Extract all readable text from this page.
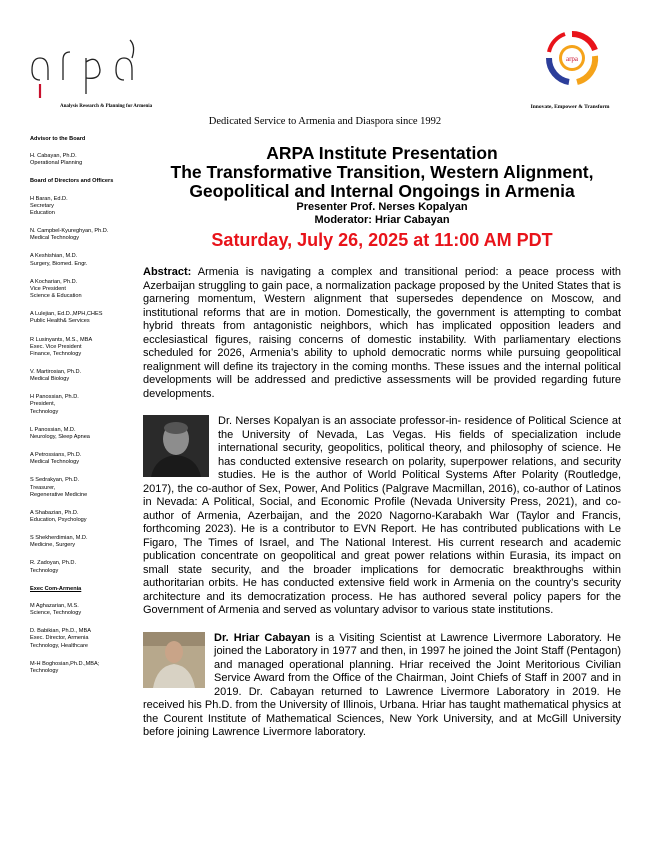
Analysis Research & Planning for Armenia
arpa
Innovate, Empower & Transform
Dedicated Service to Armenia and Diaspora since 1992
Advisor to the Board
H. Cabayan, Ph.D.
Operational Planning
Board of Directors and Officers
H Baran, Ed.D.
Secretary
Education
N. Campbel-Kyureghyan, Ph.D.
Medical Technology
A Keshishian, M.D.
Surgery, Biomed. Engr.
A Kocharian, Ph.D.
Vice President
Science & Education
A Lulejian, Ed.D.,MPH,CHES
Public Health& Services
R Lusinyants, M.S., MBA
Exec. Vice President
Finance, Technology
V. Martirosian, Ph.D.
Medical Biology
H Panossian, Ph.D.
President,
Technology
L Panossian, M.D.
Neurology, Sleep Apnea
A Petrossians, Ph.D.
Medical Technology
S Sedrakyan, Ph.D.
Treasurer,
Regenerative Medicine
A Shabazian, Ph.D.
Education, Psychology
S Shekherdimian, M.D.
Medicine, Surgery
R. Zadoyan, Ph.D.
Technology
Exec Com-Armenia
M Aghazarian, M.S.
Science, Technology
D. Babikian, Ph.D., MBA
Exec. Director, Armenia
Technology, Healthcare
M-H Boghosian,Ph.D.,MBA;
Technology
ARPA Institute Presentation
The Transformative Transition, Western Alignment,
Geopolitical and Internal Ongoings in Armenia
Presenter Prof. Nerses Kopalyan
Moderator: Hriar Cabayan
Saturday, July 26, 2025 at 11:00 AM PDT
Abstract: Armenia is navigating a complex and transitional period: a peace process with Azerbaijan struggling to gain pace, a normalization package proposed by the United States that is garnering momentum, Western alignment that supersedes dependence on Moscow, and institutional reforms that are in motion. Domestically, the government is attempting to combat hybrid threats from antagonistic neighbors, which has implicated opposition leaders and ecclesiastical figures, raising concerns of domestic instability. With parliamentary elections scheduled for 2026, Armenia’s ability to uphold democratic norms while pursuing geopolitical realignment will define its trajectory in the coming months. These issues and the internal political developments will be addressed and predictive assessments will be provided regarding future developments.
Dr. Nerses Kopalyan is an associate professor-in- residence of Political Science at the University of Nevada, Las Vegas. His fields of specialization include international security, geopolitics, political theory, and philosophy of science. He has conducted extensive research on polarity, superpower relations, and security studies. He is the author of World Political Systems After Polarity (Routledge, 2017), the co-author of Sex, Power, And Politics (Palgrave Macmillan, 2016), co-author of Latinos in Nevada: A Political, Social, and Economic Profile (Nevada University Press, 2021), and co-author of Armenia, Azerbaijan, and the 2020 Nagorno-Karabakh War (Taylor and Francis, forthcoming 2023). He is a contributor to EVN Report. He has contributed publications with Le Figaro, The Times of Israel, and The National Interest. His current research and academic publication concentrate on geopolitical and great power relations within Eurasia, its impact on small state security, and the broader implications for democratic breakthroughs within authoritarian orbits. He has conducted extensive field work in Armenia on the country’s security architecture and its democratization process. He has authored several policy papers for the Government of Armenia and served as voluntary advisor to various state institutions.
Dr. Hriar Cabayan is a Visiting Scientist at Lawrence Livermore Laboratory. He joined the Laboratory in 1977 and then, in 1997 he joined the Joint Staff (Pentagon) and managed operational planning. Hriar received the Joint Meritorious Civilian Service Award from the Office of the Chairman, Joint Chiefs of Staff in 2007 and in 2019. Dr. Cabayan returned to Lawrence Livermore Laboratory in 2019. He received his Ph.D. from the University of Illinois, Urbana. Hriar has taught mathematical physics at the Courent Institute of Mathematical Sciences, New York University, and at McGill University before joining Lawrence Livermore laboratory.
